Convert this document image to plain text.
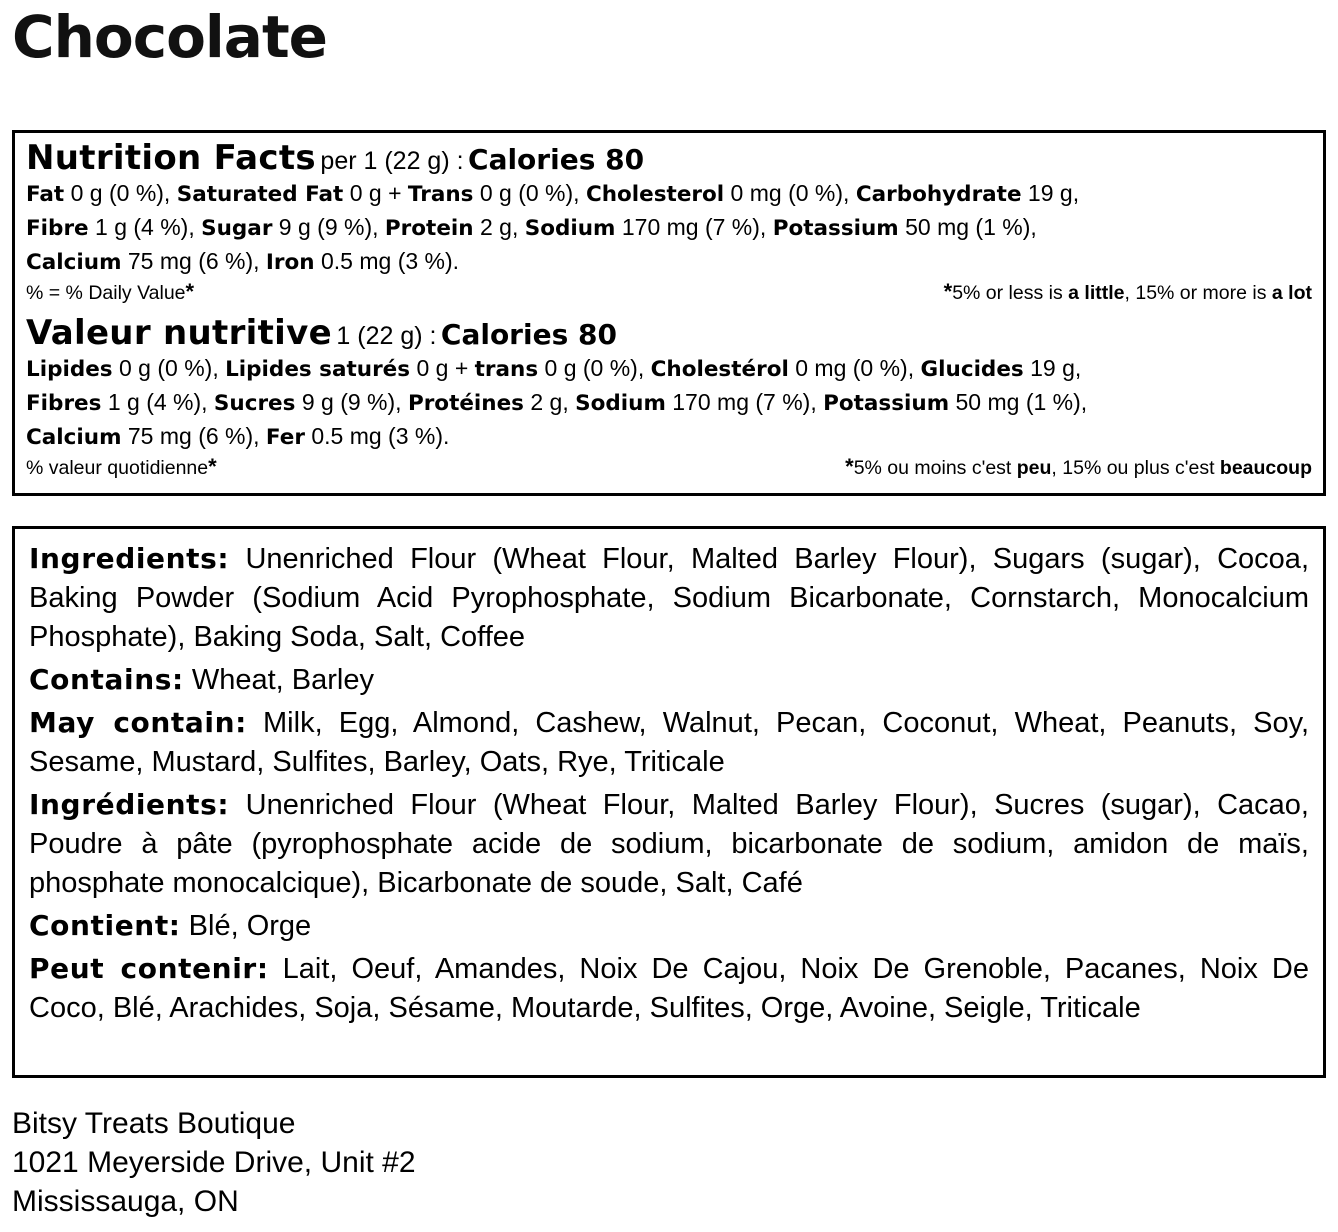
Chocolate
Nutrition Facts per 1 (22 g) : Calories 80
Fat 0 g (0 %), Saturated Fat 0 g + Trans 0 g (0 %), Cholesterol 0 mg (0 %), Carbohydrate 19 g,
Fibre 1 g (4 %), Sugar 9 g (9 %), Protein 2 g, Sodium 170 mg (7 %), Potassium 50 mg (1 %),
Calcium 75 mg (6 %), Iron 0.5 mg (3 %).
% = % Daily Value*	*5% or less is a little, 15% or more is a lot
Valeur nutritive 1 (22 g) : Calories 80
Lipides 0 g (0 %), Lipides saturés 0 g + trans 0 g (0 %), Cholestérol 0 mg (0 %), Glucides 19 g,
Fibres 1 g (4 %), Sucres 9 g (9 %), Protéines 2 g, Sodium 170 mg (7 %), Potassium 50 mg (1 %),
Calcium 75 mg (6 %), Fer 0.5 mg (3 %).
% valeur quotidienne*	*5% ou moins c'est peu, 15% ou plus c'est beaucoup

Ingredients: Unenriched Flour (Wheat Flour, Malted Barley Flour), Sugars (sugar), Cocoa, Baking Powder (Sodium Acid Pyrophosphate, Sodium Bicarbonate, Cornstarch, Monocalcium Phosphate), Baking Soda, Salt, Coffee

Contains: Wheat, Barley

May contain: Milk, Egg, Almond, Cashew, Walnut, Pecan, Coconut, Wheat, Peanuts, Soy, Sesame, Mustard, Sulfites, Barley, Oats, Rye, Triticale

Ingrédients: Unenriched Flour (Wheat Flour, Malted Barley Flour), Sucres (sugar), Cacao, Poudre à pâte (pyrophosphate acide de sodium, bicarbonate de sodium, amidon de maïs, phosphate monocalcique), Bicarbonate de soude, Salt, Café

Contient: Blé, Orge

Peut contenir: Lait, Oeuf, Amandes, Noix De Cajou, Noix De Grenoble, Pacanes, Noix De Coco, Blé, Arachides, Soja, Sésame, Moutarde, Sulfites, Orge, Avoine, Seigle, Triticale

Bitsy Treats Boutique
1021 Meyerside Drive, Unit #2
Mississauga, ON
